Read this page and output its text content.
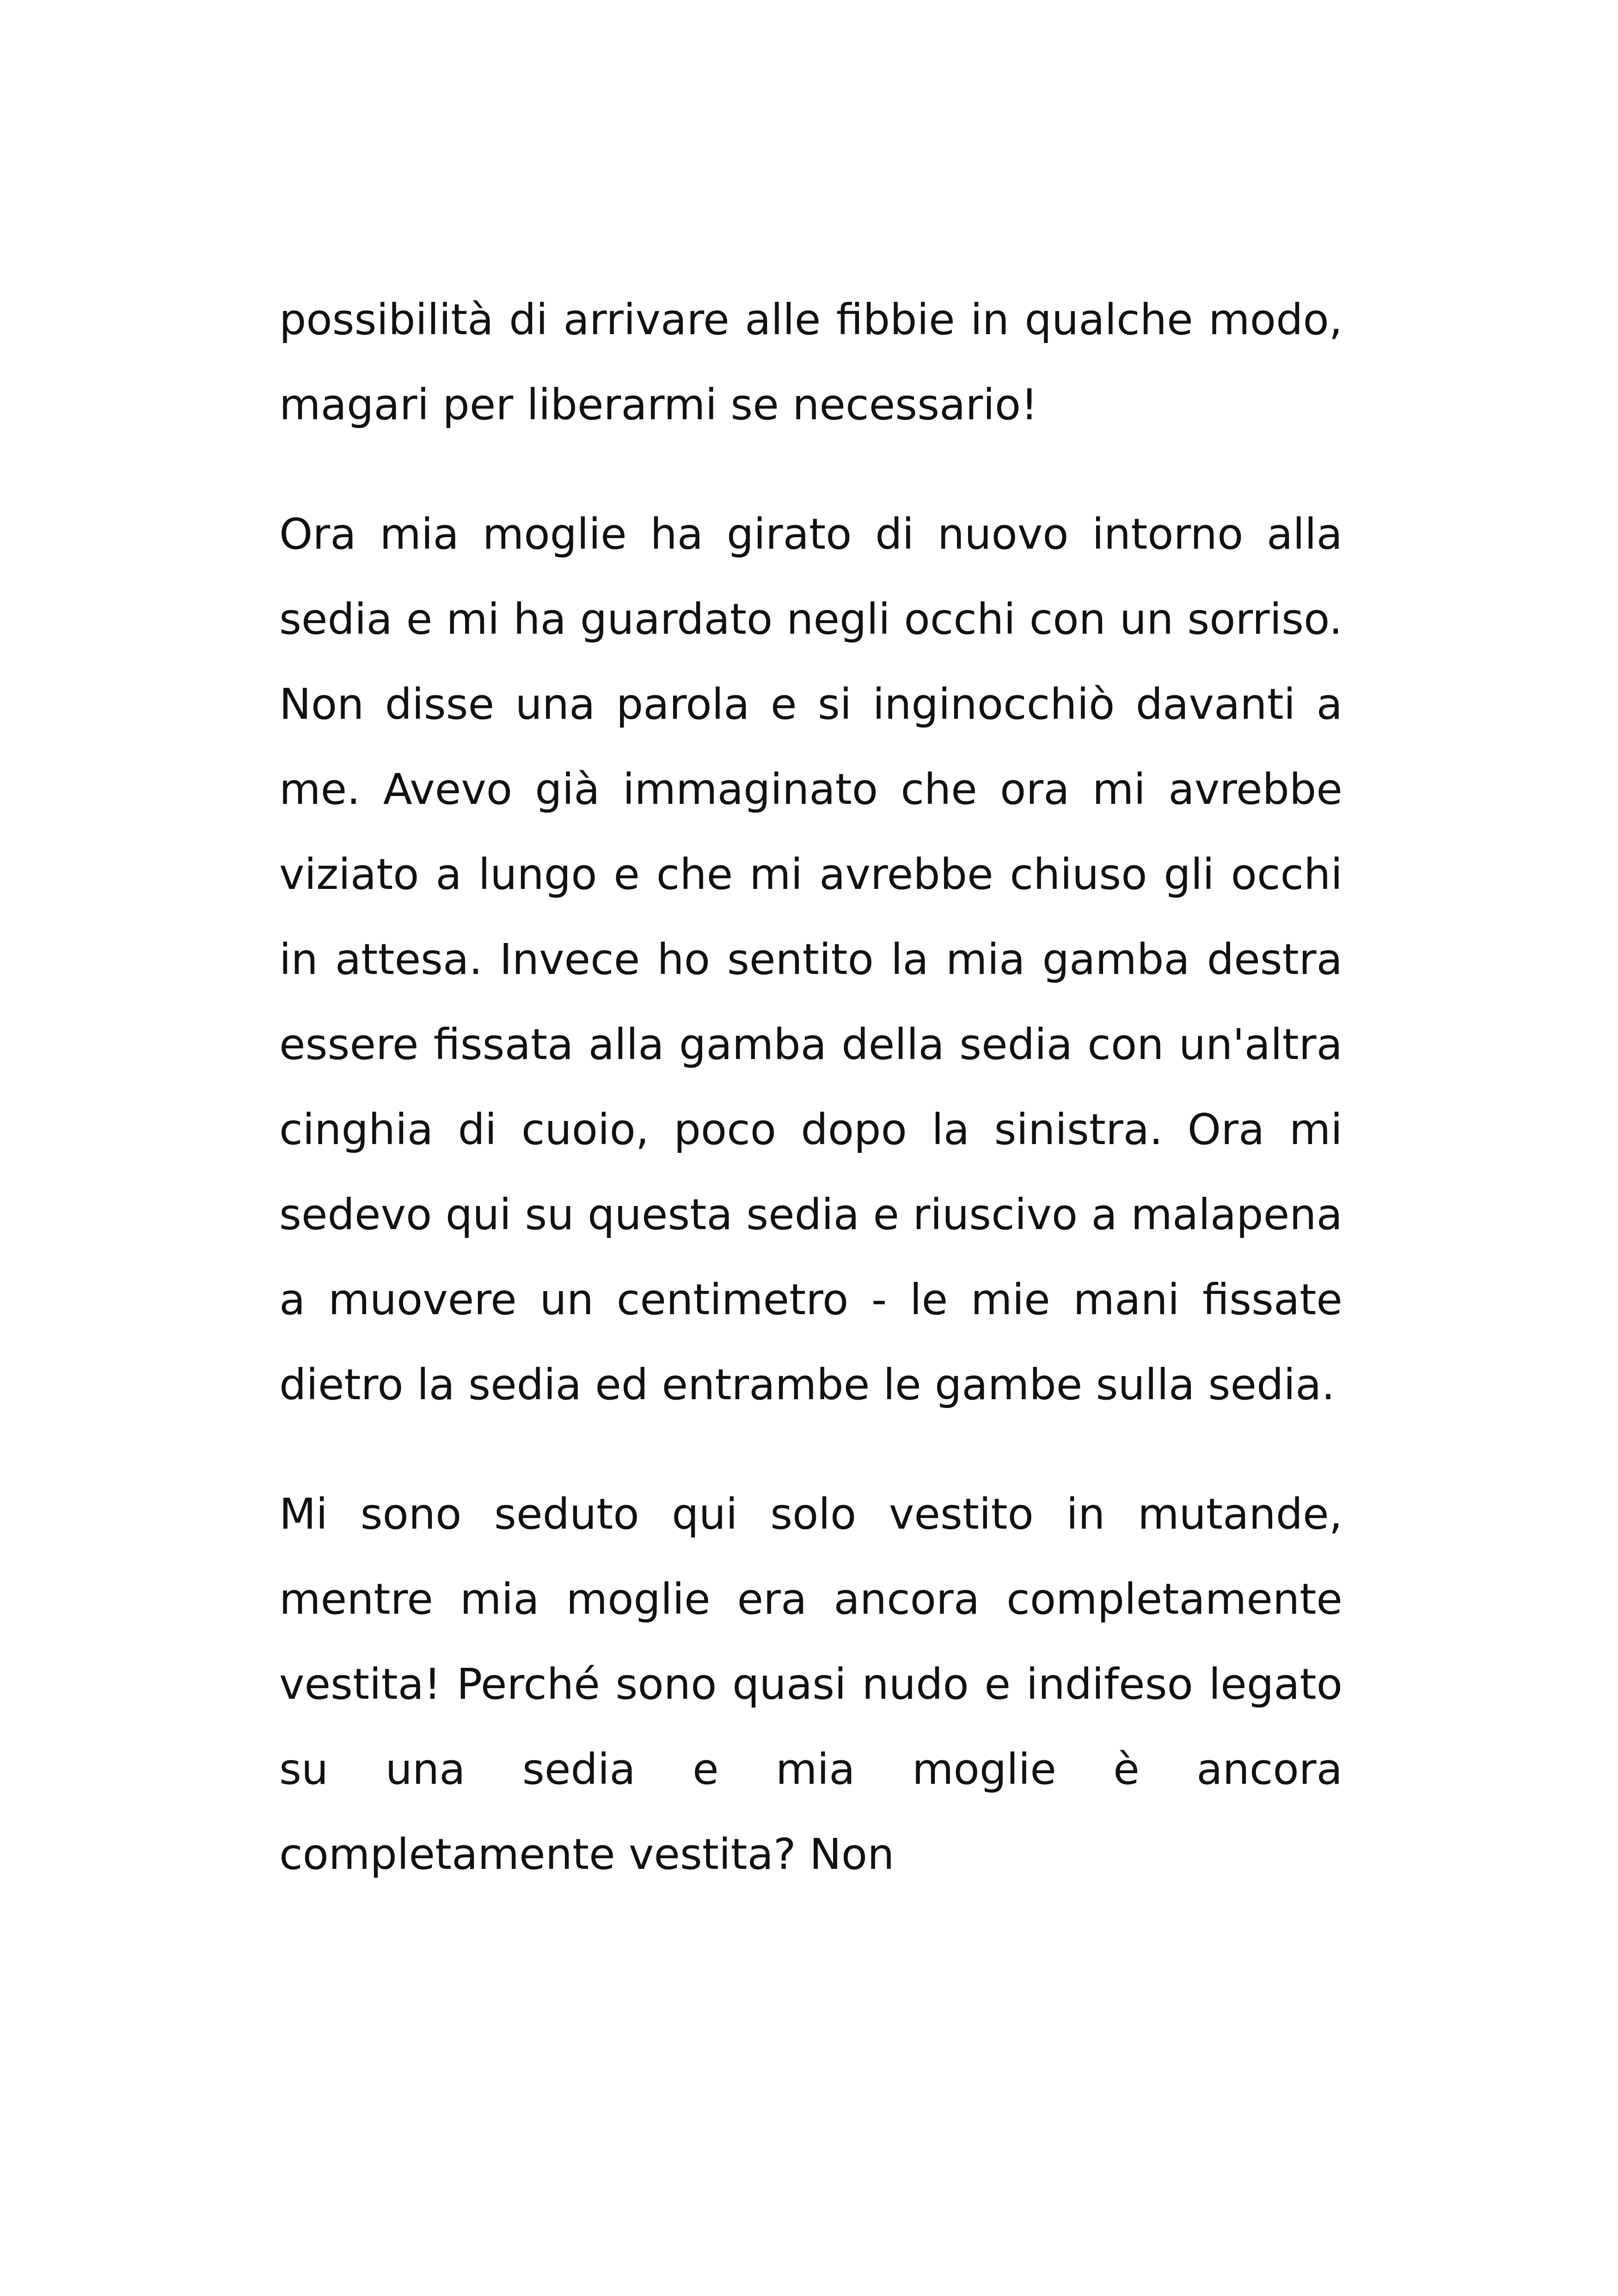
possibilità di arrivare alle fibbie in qualche modo, magari per liberarmi se necessario!

Ora mia moglie ha girato di nuovo intorno alla sedia e mi ha guardato negli occhi con un sorriso. Non disse una parola e si inginocchiò davanti a me. Avevo già immaginato che ora mi avrebbe viziato a lungo e che mi avrebbe chiuso gli occhi in attesa. Invece ho sentito la mia gamba destra essere fissata alla gamba della sedia con un'altra cinghia di cuoio, poco dopo la sinistra. Ora mi sedevo qui su questa sedia e riuscivo a malapena a muovere un centimetro - le mie mani fissate dietro la sedia ed entrambe le gambe sulla sedia.

Mi sono seduto qui solo vestito in mutande, mentre mia moglie era ancora completamente vestita! Perché sono quasi nudo e indifeso legato su una sedia e mia moglie è ancora completamente vestita? Non
